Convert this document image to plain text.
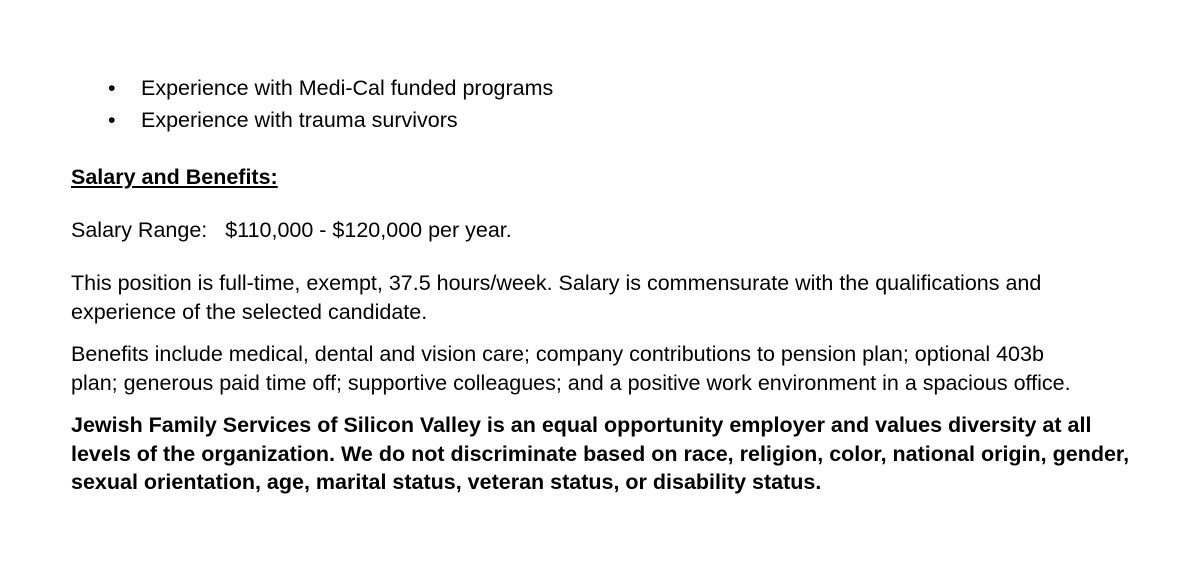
• Experience with Medi-Cal funded programs
• Experience with trauma survivors
Salary and Benefits:
Salary Range: $110,000 - $120,000 per year.
This position is full-time, exempt, 37.5 hours/week. Salary is commensurate with the qualifications and experience of the selected candidate.
Benefits include medical, dental and vision care; company contributions to pension plan; optional 403b plan; generous paid time off; supportive colleagues; and a positive work environment in a spacious office.
Jewish Family Services of Silicon Valley is an equal opportunity employer and values diversity at all levels of the organization. We do not discriminate based on race, religion, color, national origin, gender, sexual orientation, age, marital status, veteran status, or disability status.
